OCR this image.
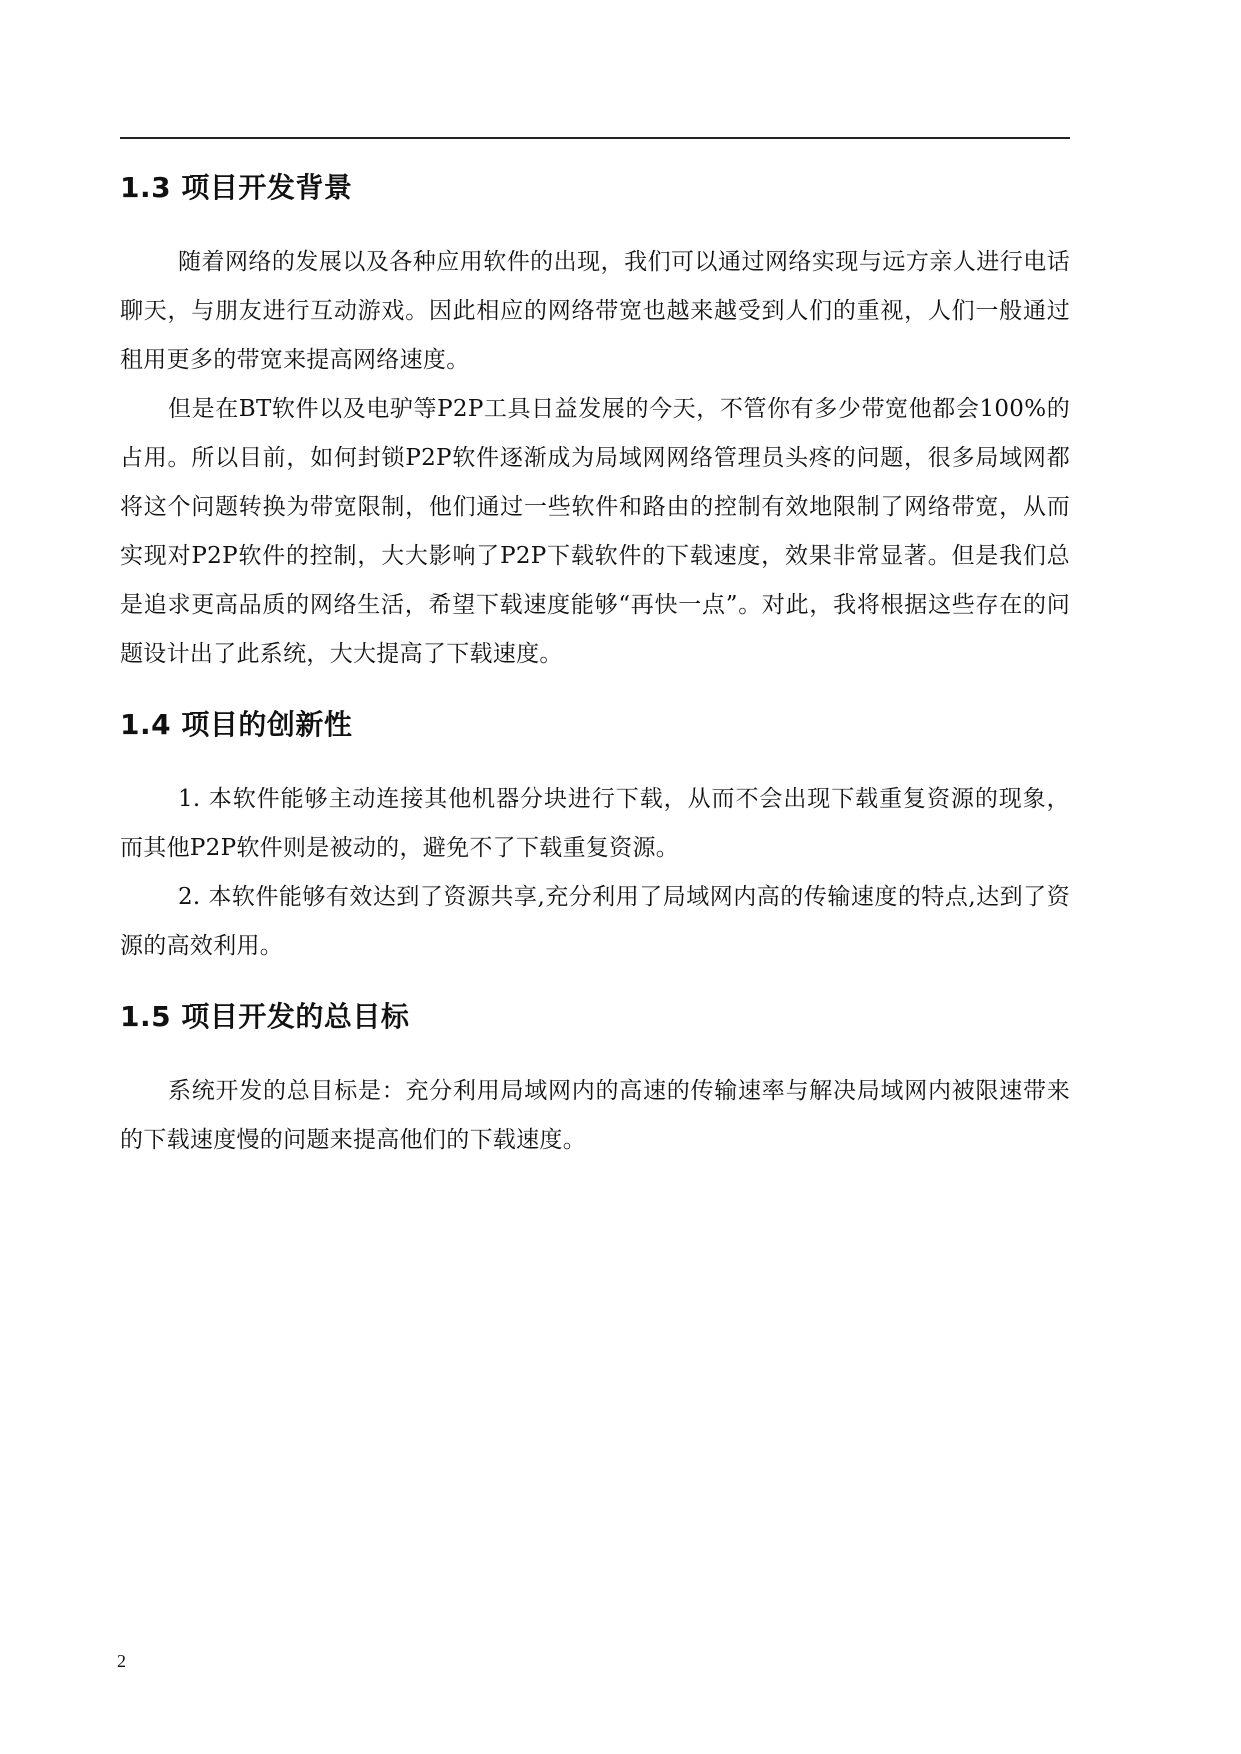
1.3 项目开发背景

随着网络的发展以及各种应用软件的出现，我们可以通过网络实现与远方亲人进行电话聊天，与朋友进行互动游戏。因此相应的网络带宽也越来越受到人们的重视，人们一般通过租用更多的带宽来提高网络速度。

但是在BT软件以及电驴等P2P工具日益发展的今天，不管你有多少带宽他都会100%的占用。所以目前，如何封锁P2P软件逐渐成为局域网网络管理员头疼的问题，很多局域网都将这个问题转换为带宽限制，他们通过一些软件和路由的控制有效地限制了网络带宽，从而实现对P2P软件的控制，大大影响了P2P下载软件的下载速度，效果非常显著。但是我们总是追求更高品质的网络生活，希望下载速度能够“再快一点”。对此，我将根据这些存在的问题设计出了此系统，大大提高了下载速度。

1.4 项目的创新性

1. 本软件能够主动连接其他机器分块进行下载，从而不会出现下载重复资源的现象，而其他P2P软件则是被动的，避免不了下载重复资源。

2. 本软件能够有效达到了资源共享,充分利用了局域网内高的传输速度的特点,达到了资源的高效利用。

1.5 项目开发的总目标

系统开发的总目标是：充分利用局域网内的高速的传输速率与解决局域网内被限速带来的下载速度慢的问题来提高他们的下载速度。

2
